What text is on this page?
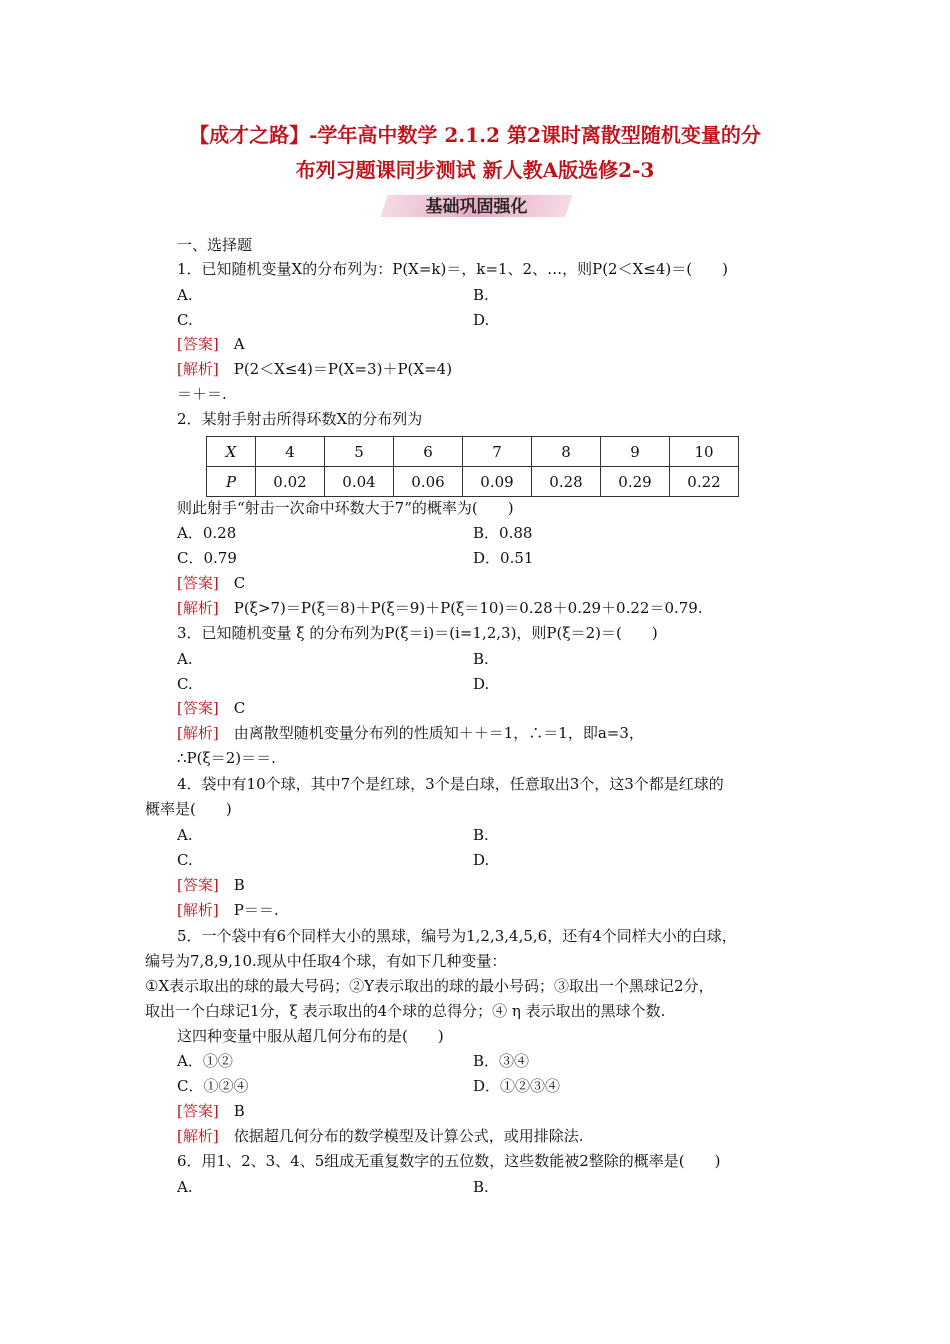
【成才之路】-学年高中数学 2.1.2 第2课时离散型随机变量的分
布列习题课同步测试 新人教A版选修2-3
基础巩固强化
一、选择题
1．已知随机变量X的分布列为：P(X=k)＝，k=1、2、…，则P(2＜X≤4)＝(　　)
A.	B.
C.	D.
[答案]　 A
[解析]　 P(2＜X≤4)＝P(X=3)＋P(X=4)
＝＋＝.
2．某射手射击所得环数X的分布列为
X	4	5	6	7	8	9	10
P	0.02	0.04	0.06	0.09	0.28	0.29	0.22
则此射手“射击一次命中环数大于7”的概率为(　　)
A．0.28	B．0.88
C．0.79	D．0.51
[答案]　 C
[解析]　 P(ξ>7)＝P(ξ＝8)＋P(ξ＝9)＋P(ξ＝10)＝0.28＋0.29＋0.22＝0.79.
3．已知随机变量 ξ 的分布列为P(ξ＝i)＝(i=1,2,3)，则P(ξ＝2)＝(　　)
A.	B.
C.	D.
[答案]　 C
[解析]　 由离散型随机变量分布列的性质知＋＋＝1，∴＝1，即a=3，
∴P(ξ＝2)＝＝.
4．袋中有10个球，其中7个是红球，3个是白球，任意取出3个，这3个都是红球的
概率是(　　)
A.	B.
C.	D.
[答案]　 B
[解析]　 P＝＝.
5．一个袋中有6个同样大小的黑球，编号为1,2,3,4,5,6，还有4个同样大小的白球，
编号为7,8,9,10.现从中任取4个球，有如下几种变量：
①X表示取出的球的最大号码；②Y表示取出的球的最小号码；③取出一个黑球记2分，
取出一个白球记1分，ξ 表示取出的4个球的总得分；④ η 表示取出的黑球个数.
这四种变量中服从超几何分布的是(　　)
A．①②	B．③④
C．①②④	D．①②③④
[答案]　 B
[解析]　 依据超几何分布的数学模型及计算公式，或用排除法.
6．用1、2、3、4、5组成无重复数字的五位数，这些数能被2整除的概率是(　　)
A.	B.
